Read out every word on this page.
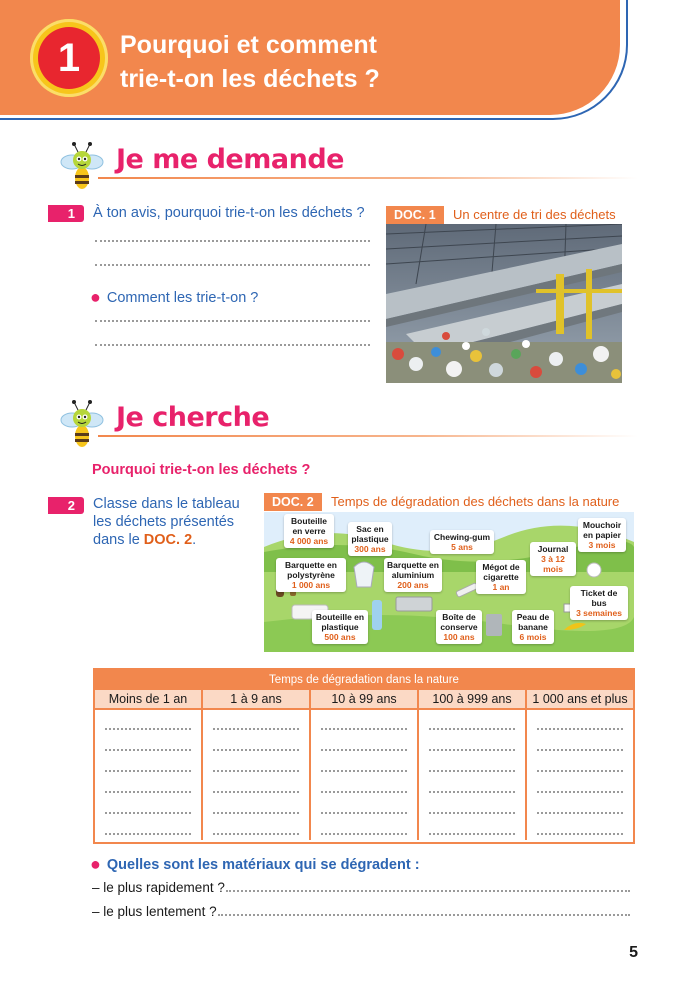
1	Pourquoi et comment
trie-t-on les déchets ?
Je me demande
1	À ton avis, pourquoi trie-t-on les déchets ?
● Comment les trie-t-on ?
DOC. 1	Un centre de tri des déchets
Je cherche
Pourquoi trie-t-on les déchets ?
2	Classe dans le tableau
les déchets présentés
dans le DOC. 2.
DOC. 2	Temps de dégradation des déchets dans la nature
Bouteille en verre
4 000 ans
Sac en plastique
300 ans
Chewing-gum
5 ans
Mouchoir en papier
3 mois
Journal
3 à 12 mois
Barquette en polystyrène
1 000 ans
Barquette en aluminium
200 ans
Mégot de cigarette
1 an
Ticket de bus
3 semaines
Bouteille en plastique
500 ans
Boîte de conserve
100 ans
Peau de banane
6 mois
Temps de dégradation dans la nature
Moins de 1 an	1 à 9 ans	10 à 99 ans	100 à 999 ans	1 000 ans et plus
● Quelles sont les matériaux qui se dégradent :
– le plus rapidement ?
– le plus lentement ?
5
